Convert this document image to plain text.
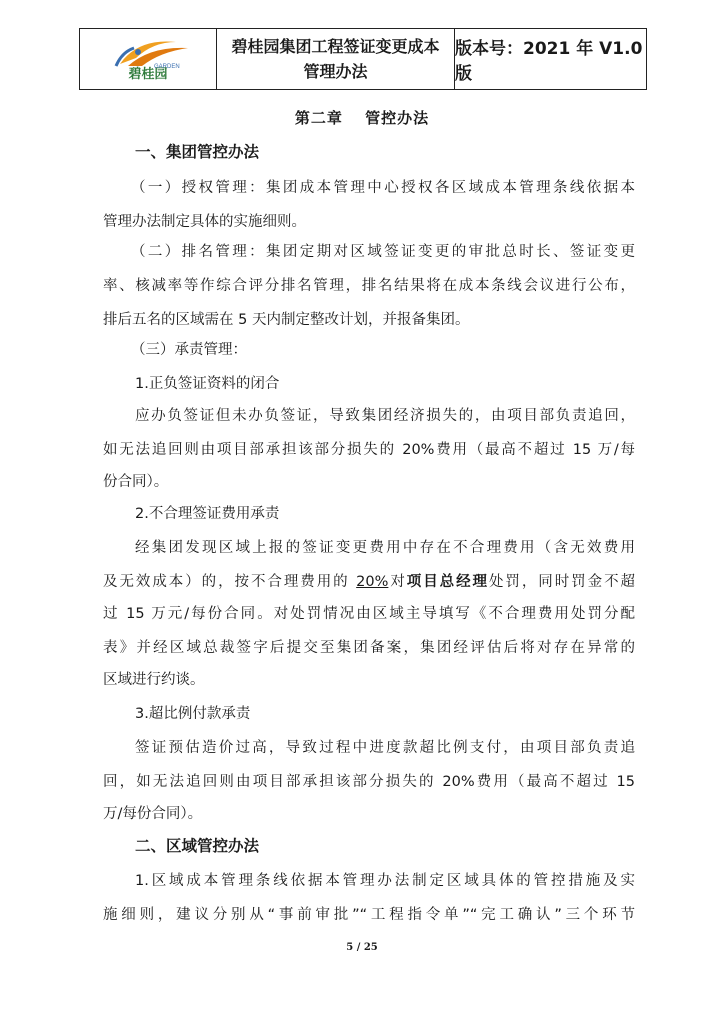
GARDEN
碧桂园
碧桂园集团工程签证变更成本管理办法
版本号：2021 年 V1.0 版
第二章　 管控办法
一、集团管控办法
（一）授权管理：集团成本管理中心授权各区域成本管理条线依据本
管理办法制定具体的实施细则。
（二）排名管理：集团定期对区域签证变更的审批总时长、签证变更
率、核减率等作综合评分排名管理，排名结果将在成本条线会议进行公布，
排后五名的区域需在 5 天内制定整改计划，并报备集团。
（三）承责管理：
1.正负签证资料的闭合
应办负签证但未办负签证，导致集团经济损失的，由项目部负责追回，
如无法追回则由项目部承担该部分损失的 20%费用（最高不超过 15 万/每
份合同）。
2.不合理签证费用承责
经集团发现区域上报的签证变更费用中存在不合理费用（含无效费用
及无效成本）的，按不合理费用的 20%对项目总经理处罚，同时罚金不超
过 15 万元/每份合同。对处罚情况由区域主导填写《不合理费用处罚分配
表》并经区域总裁签字后提交至集团备案，集团经评估后将对存在异常的
区域进行约谈。
3.超比例付款承责
签证预估造价过高，导致过程中进度款超比例支付，由项目部负责追
回，如无法追回则由项目部承担该部分损失的 20%费用（最高不超过 15
万/每份合同）。
二、区域管控办法
1.区域成本管理条线依据本管理办法制定区域具体的管控措施及实
施细则，建议分别从“事前审批”“工程指令单”“完工确认”三个环节
5 / 25
